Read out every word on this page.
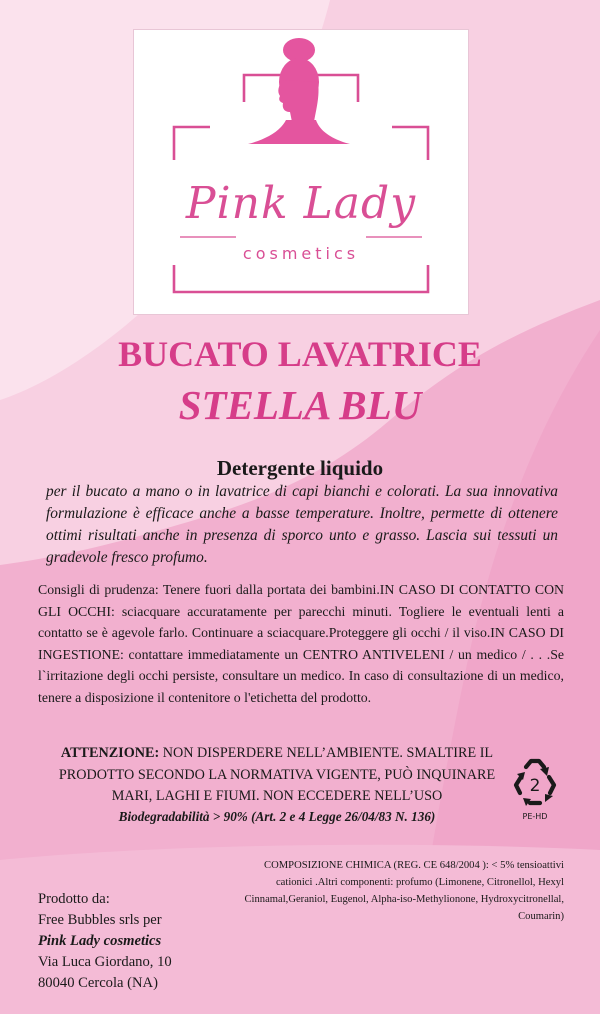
Pink Lady
cosmetics
BUCATO LAVATRICE
STELLA BLU
Detergente liquido
per il bucato a mano o in lavatrice di capi bianchi e colorati. La sua innovativa formulazione è efficace anche a basse temperature. Inoltre, permette di ottenere ottimi risultati anche in presenza di sporco unto e grasso. Lascia sui tessuti un gradevole fresco profumo.
Consigli di prudenza: Tenere fuori dalla portata dei bambini.IN CASO DI CONTATTO CON GLI OCCHI: sciacquare accuratamente per parecchi minuti. Togliere le eventuali lenti a contatto se è agevole farlo. Continuare a sciacquare.Proteggere gli occhi / il viso.IN CASO DI INGESTIONE: contattare immediatamente un CENTRO ANTIVELENI / un medico / . . .Se l`irritazione degli occhi persiste, consultare un medico. In caso di consultazione di un medico, tenere a disposizione il contenitore o l'etichetta del prodotto.
ATTENZIONE: NON DISPERDERE NELL’AMBIENTE. SMALTIRE IL PRODOTTO SECONDO LA NORMATIVA VIGENTE, PUÒ INQUINARE MARI, LAGHI E FIUMI. NON ECCEDERE NELL’USO
Biodegradabilità > 90% (Art. 2 e 4 Legge 26/04/83 N. 136)
2
PE-HD
COMPOSIZIONE CHIMICA (REG. CE 648/2004 ): < 5% tensioattivi cationici .Altri componenti: profumo (Limonene, Citronellol, Hexyl Cinnamal,Geraniol, Eugenol, Alpha-iso-Methylionone, Hydroxycitronellal, Coumarin)
Prodotto da:
Free Bubbles srls per
Pink Lady cosmetics
Via Luca Giordano, 10
80040 Cercola (NA)
